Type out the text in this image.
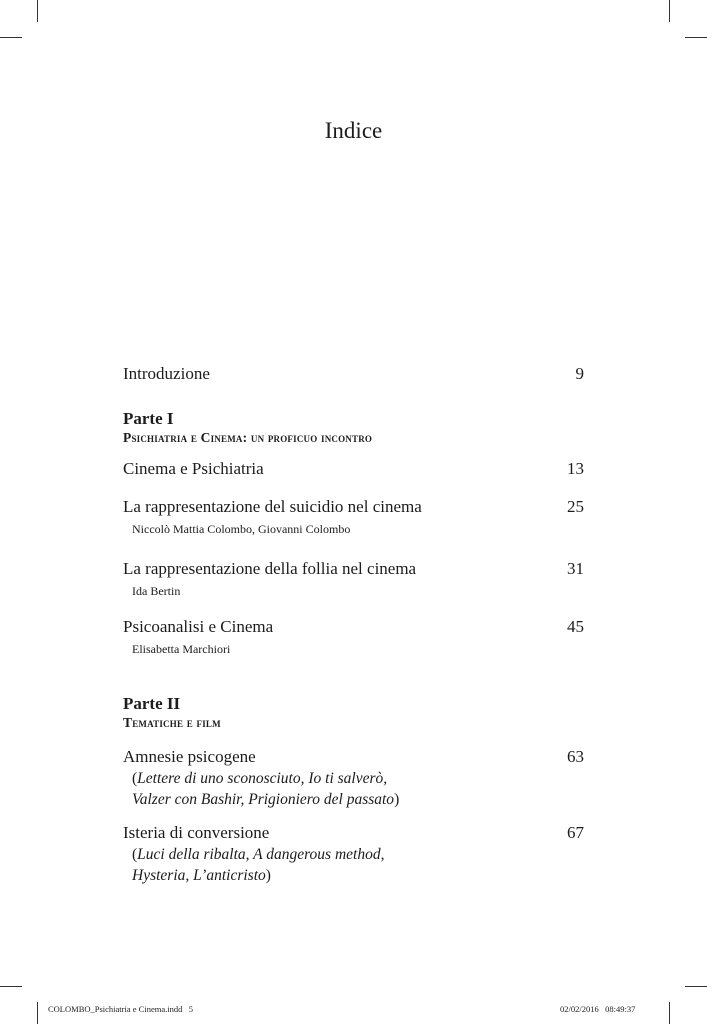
Indice
Introduzione	9
Parte I
Psichiatria e Cinema: un proficuo incontro
Cinema e Psichiatria	13
La rappresentazione del suicidio nel cinema	25
Niccolò Mattia Colombo, Giovanni Colombo
La rappresentazione della follia nel cinema	31
Ida Bertin
Psicoanalisi e Cinema	45
Elisabetta Marchiori
Parte II
Tematiche e film
Amnesie psicogene	63
(Lettere di uno sconosciuto, Io ti salverò,
Valzer con Bashir, Prigioniero del passato)
Isteria di conversione	67
(Luci della ribalta, A dangerous method,
Hysteria, L’anticristo)
COLOMBO_Psichiatria e Cinema.indd   5	02/02/2016   08:49:37
